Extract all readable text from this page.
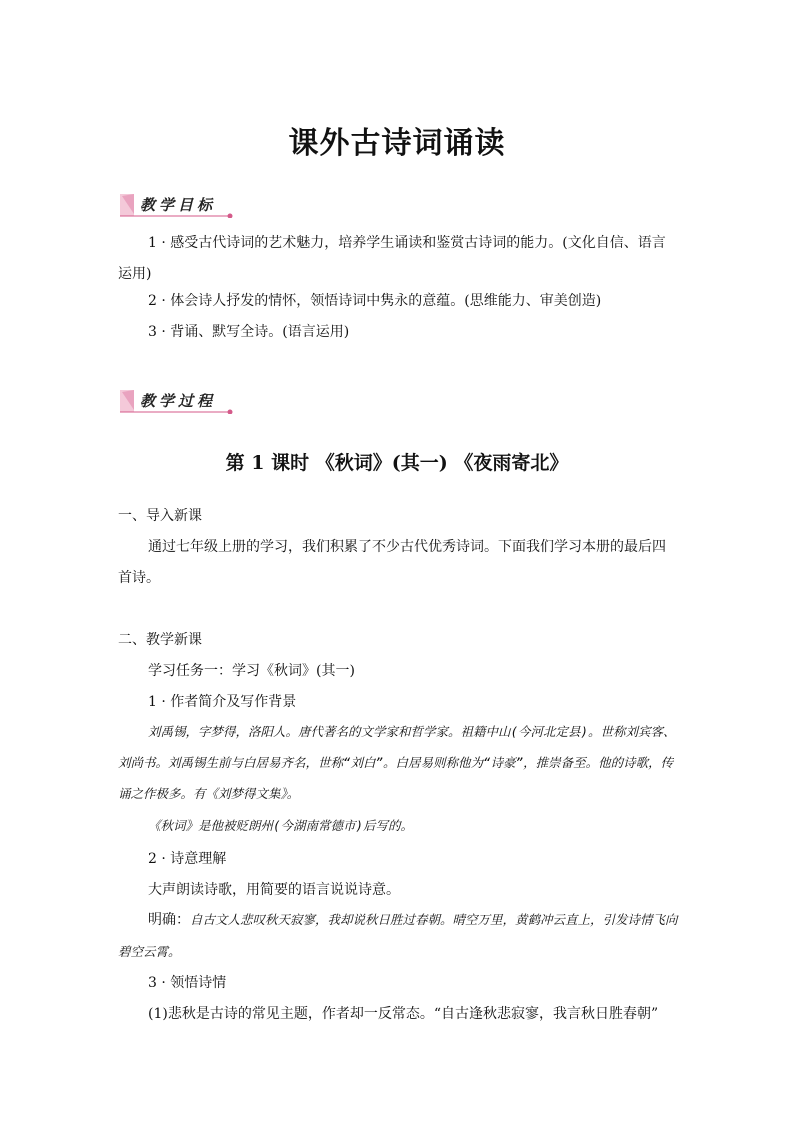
课外古诗词诵读
教学目标
1 · 感受古代诗词的艺术魅力，培养学生诵读和鉴赏古诗词的能力。(文化自信、语言运用)
2 · 体会诗人抒发的情怀，领悟诗词中隽永的意蕴。(思维能力、审美创造)
3 · 背诵、默写全诗。(语言运用)
教学过程
第 1 课时 《秋词》(其一) 《夜雨寄北》
一、导入新课
通过七年级上册的学习，我们积累了不少古代优秀诗词。下面我们学习本册的最后四首诗。
二、教学新课
学习任务一：学习《秋词》(其一)
1 · 作者简介及写作背景
刘禹锡，字梦得，洛阳人。唐代著名的文学家和哲学家。祖籍中山(今河北定县)。世称刘宾客、刘尚书。刘禹锡生前与白居易齐名，世称“刘白”。白居易则称他为“诗豪”，推崇备至。他的诗歌，传诵之作极多。有《刘梦得文集》。
《秋词》是他被贬朗州(今湖南常德市)后写的。
2 · 诗意理解
大声朗读诗歌，用简要的语言说说诗意。
明确：自古文人悲叹秋天寂寥，我却说秋日胜过春朝。晴空万里，黄鹤冲云直上，引发诗情飞向碧空云霄。
3 · 领悟诗情
(1)悲秋是古诗的常见主题，作者却一反常态。“自古逢秋悲寂寥，我言秋日胜春朝”
